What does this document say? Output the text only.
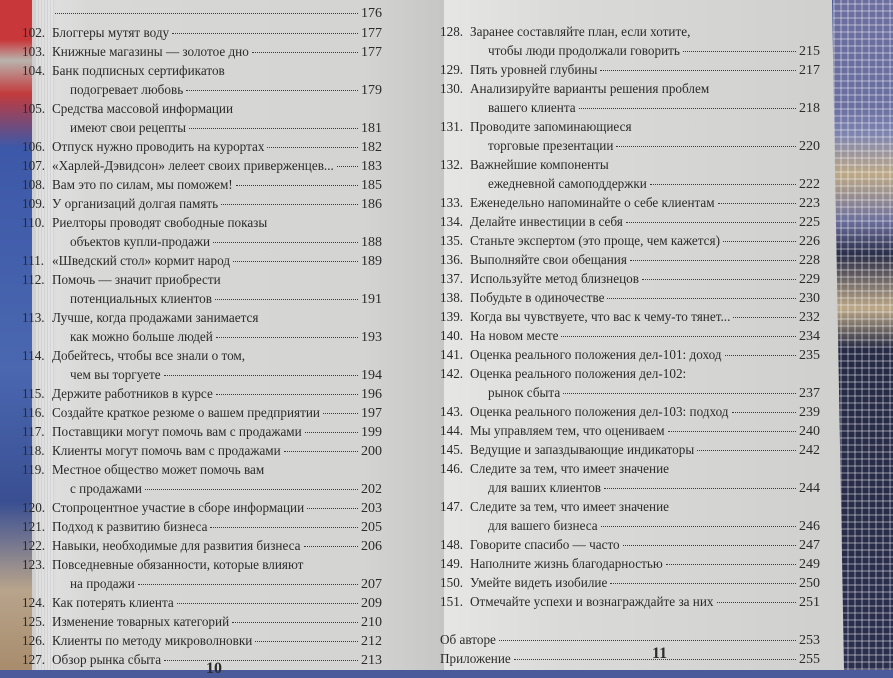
176
102. Блоггеры мутят воду	177
103. Книжные магазины — золотое дно	177
104. Банк подписных сертификатов
подогревает любовь	179
105. Средства массовой информации
имеют свои рецепты	181
106. Отпуск нужно проводить на курортах	182
107. «Харлей-Дэвидсон» лелеет своих приверженцев... 183
108. Вам это по силам, мы поможем!	185
109. У организаций долгая память	186
110. Риелторы проводят свободные показы
объектов купли-продажи	188
111. «Шведский стол» кормит народ	189
112. Помочь — значит приобрести
потенциальных клиентов	191
113. Лучше, когда продажами занимается
как можно больше людей	193
114. Добейтесь, чтобы все знали о том,
чем вы торгуете	194
115. Держите работников в курсе	196
116. Создайте краткое резюме о вашем предприятии	197
117. Поставщики могут помочь вам с продажами	199
118. Клиенты могут помочь вам с продажами	200
119. Местное общество может помочь вам
с продажами	202
120. Стопроцентное участие в сборе информации	203
121. Подход к развитию бизнеса	205
122. Навыки, необходимые для развития бизнеса	206
123. Повседневные обязанности, которые влияют
на продажи	207
124. Как потерять клиента	209
125. Изменение товарных категорий	210
126. Клиенты по методу микроволновки	212
127. Обзор рынка сбыта	213
128. Заранее составляйте план, если хотите,
чтобы люди продолжали говорить	215
129. Пять уровней глубины	217
130. Анализируйте варианты решения проблем
вашего клиента	218
131. Проводите запоминающиеся
торговые презентации	220
132. Важнейшие компоненты
ежедневной самоподдержки	222
133. Еженедельно напоминайте о себе клиентам	223
134. Делайте инвестиции в себя	225
135. Станьте экспертом (это проще, чем кажется)	226
136. Выполняйте свои обещания	228
137. Используйте метод близнецов	229
138. Побудьте в одиночестве	230
139. Когда вы чувствуете, что вас к чему-то тянет...	232
140. На новом месте	234
141. Оценка реального положения дел-101: доход	235
142. Оценка реального положения дел-102:
рынок сбыта	237
143. Оценка реального положения дел-103: подход	239
144. Мы управляем тем, что оцениваем	240
145. Ведущие и запаздывающие индикаторы	242
146. Следите за тем, что имеет значение
для ваших клиентов	244
147. Следите за тем, что имеет значение
для вашего бизнеса	246
148. Говорите спасибо — часто	247
149. Наполните жизнь благодарностью	249
150. Умейте видеть изобилие	250
151. Отмечайте успехи и вознаграждайте за них	251
Об авторе	253
Приложение	255
10
11
